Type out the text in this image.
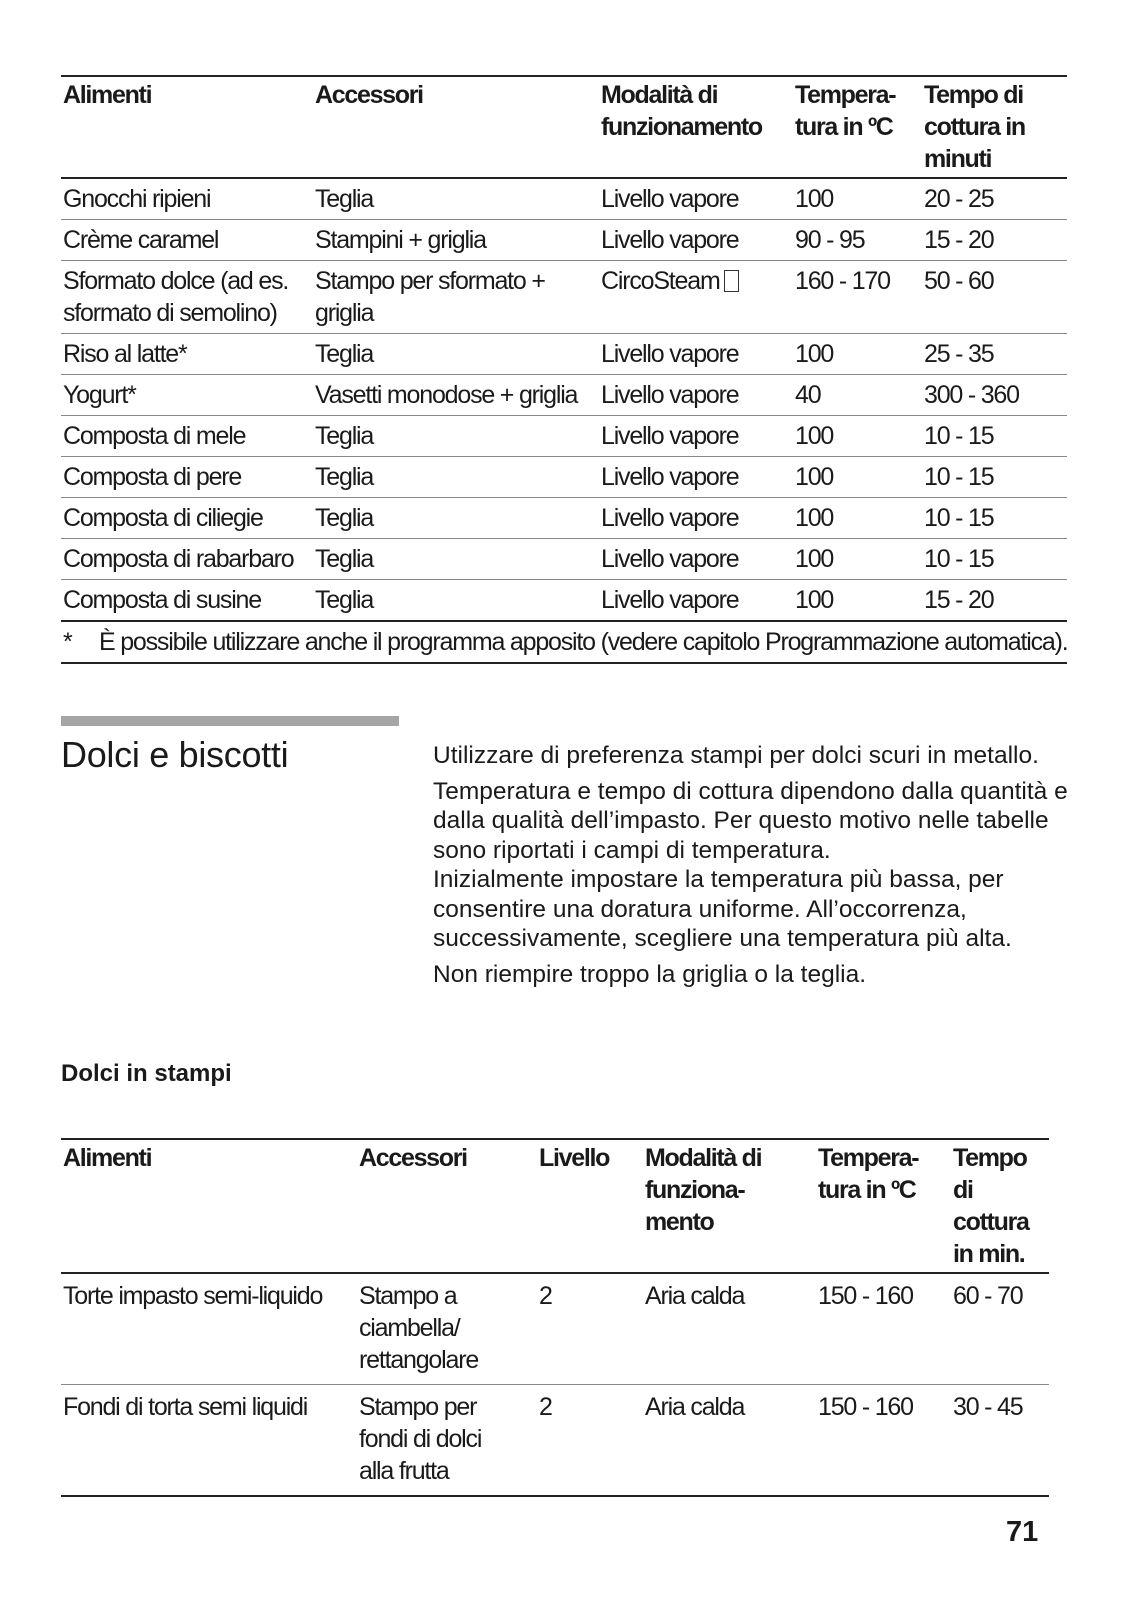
Alimenti	Accessori	Modalità di funzionamento	Tempera- tura in ºC	Tempo di cottura in minuti
Gnocchi ripieni	Teglia	Livello vapore	100	20 - 25
Crème caramel	Stampini + griglia	Livello vapore	90 - 95	15 - 20
Sformato dolce (ad es. sformato di semolino)	Stampo per sformato + griglia	CircoSteam	160 - 170	50 - 60
Riso al latte*	Teglia	Livello vapore	100	25 - 35
Yogurt*	Vasetti monodose + griglia	Livello vapore	40	300 - 360
Composta di mele	Teglia	Livello vapore	100	10 - 15
Composta di pere	Teglia	Livello vapore	100	10 - 15
Composta di ciliegie	Teglia	Livello vapore	100	10 - 15
Composta di rabarbaro	Teglia	Livello vapore	100	10 - 15
Composta di susine	Teglia	Livello vapore	100	15 - 20
* È possibile utilizzare anche il programma apposito (vedere capitolo Programmazione automatica).				
Dolci e biscotti	Utilizzare di preferenza stampi per dolci scuri in metallo.

Temperatura e tempo di cottura dipendono dalla quantità e dalla qualità dell’impasto. Per questo motivo nelle tabelle sono riportati i campi di temperatura.

Inizialmente impostare la temperatura più bassa, per consentire una doratura uniforme. All’occorrenza, successivamente, scegliere una temperatura più alta.

Non riempire troppo la griglia o la teglia.

Dolci in stampi
Alimenti	Accessori	Livello	Modalità di funziona- mento	Tempera- tura in ºC	Tempo di cottura in min.
Torte impasto semi-liquido	Stampo a ciambella/ rettangolare	2	Aria calda	150 - 160	60 - 70
Fondi di torta semi liquidi	Stampo per fondi di dolci alla frutta	2	Aria calda	150 - 160	30 - 45
71
